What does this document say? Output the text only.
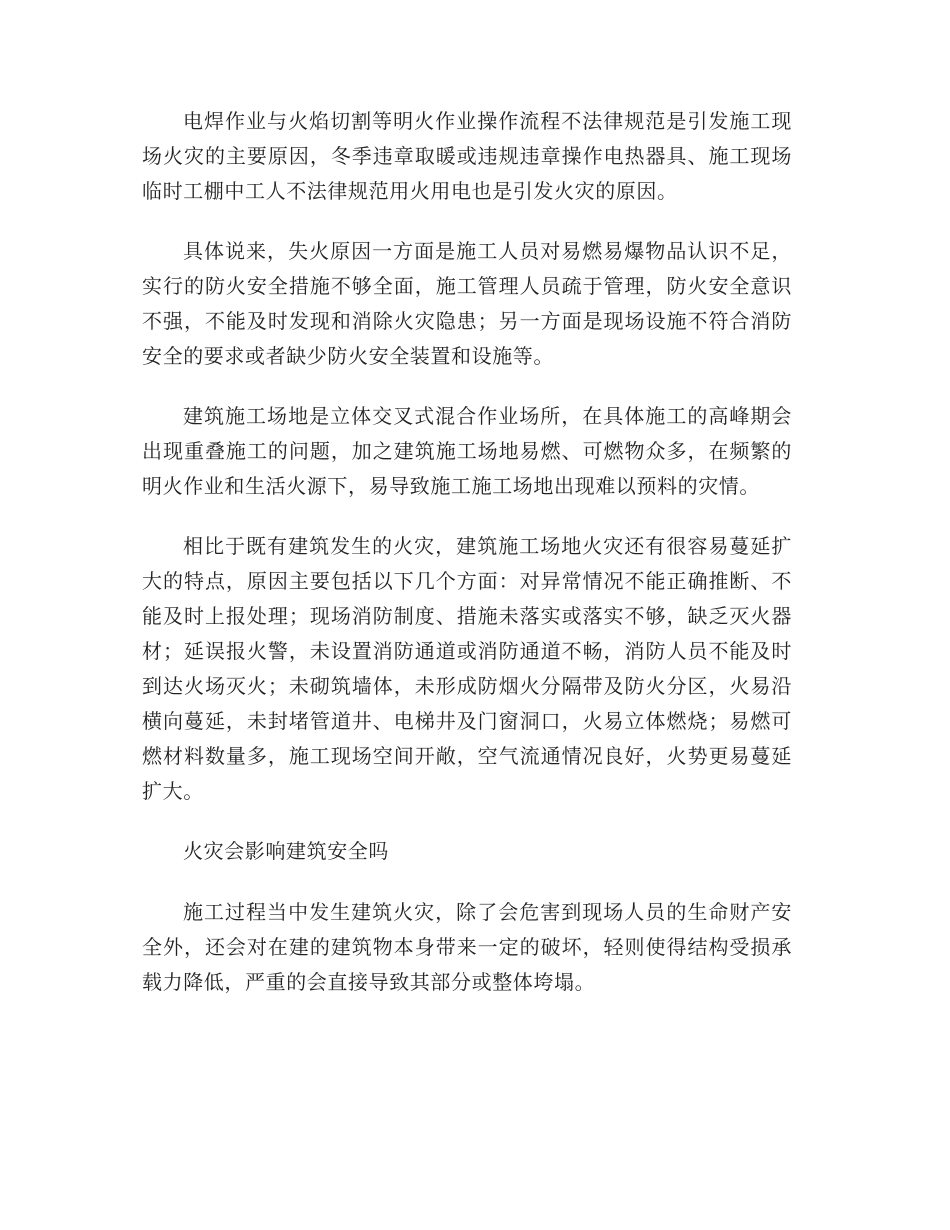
电焊作业与火焰切割等明火作业操作流程不法律规范是引发施工现场火灾的主要原因，冬季违章取暖或违规违章操作电热器具、施工现场临时工棚中工人不法律规范用火用电也是引发火灾的原因。

具体说来，失火原因一方面是施工人员对易燃易爆物品认识不足，实行的防火安全措施不够全面，施工管理人员疏于管理，防火安全意识不强，不能及时发现和消除火灾隐患；另一方面是现场设施不符合消防安全的要求或者缺少防火安全装置和设施等。

建筑施工场地是立体交叉式混合作业场所，在具体施工的高峰期会出现重叠施工的问题，加之建筑施工场地易燃、可燃物众多，在频繁的明火作业和生活火源下，易导致施工施工场地出现难以预料的灾情。

相比于既有建筑发生的火灾，建筑施工场地火灾还有很容易蔓延扩大的特点，原因主要包括以下几个方面：对异常情况不能正确推断、不能及时上报处理；现场消防制度、措施未落实或落实不够，缺乏灭火器材；延误报火警，未设置消防通道或消防通道不畅，消防人员不能及时到达火场灭火；未砌筑墙体，未形成防烟火分隔带及防火分区，火易沿横向蔓延，未封堵管道井、电梯井及门窗洞口，火易立体燃烧；易燃可燃材料数量多，施工现场空间开敞，空气流通情况良好，火势更易蔓延扩大。

火灾会影响建筑安全吗

施工过程当中发生建筑火灾，除了会危害到现场人员的生命财产安全外，还会对在建的建筑物本身带来一定的破坏，轻则使得结构受损承载力降低，严重的会直接导致其部分或整体垮塌。
